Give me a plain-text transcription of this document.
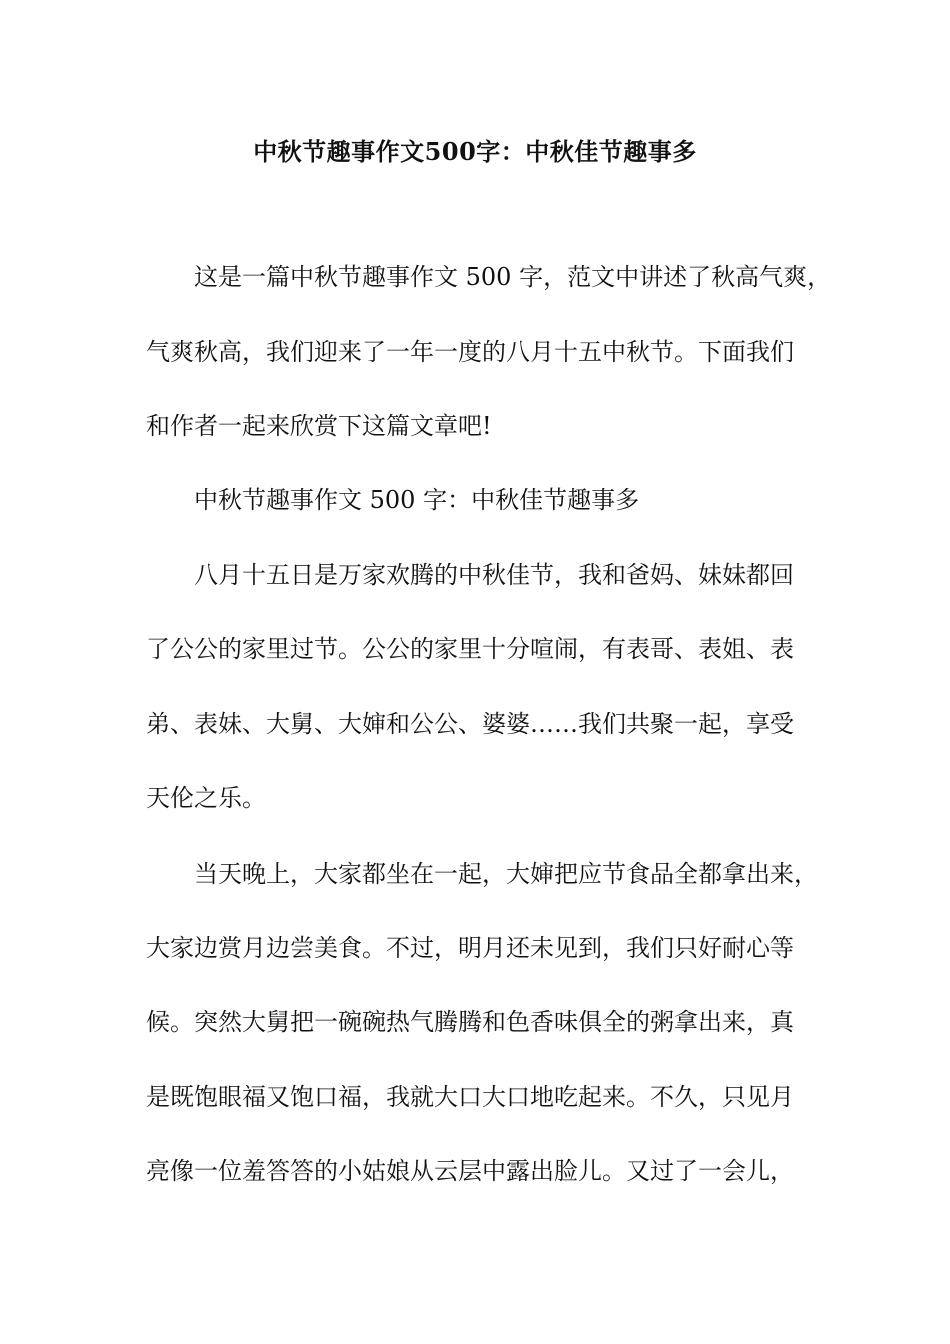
中秋节趣事作文500字：中秋佳节趣事多
这是一篇中秋节趣事作文 500 字，范文中讲述了秋高气爽，
气爽秋高，我们迎来了一年一度的八月十五中秋节。下面我们
和作者一起来欣赏下这篇文章吧!
中秋节趣事作文 500 字：中秋佳节趣事多
八月十五日是万家欢腾的中秋佳节，我和爸妈、妹妹都回
了公公的家里过节。公公的家里十分喧闹，有表哥、表姐、表
弟、表妹、大舅、大婶和公公、婆婆……我们共聚一起，享受
天伦之乐。
当天晚上，大家都坐在一起，大婶把应节食品全都拿出来，
大家边赏月边尝美食。不过，明月还未见到，我们只好耐心等
候。突然大舅把一碗碗热气腾腾和色香味俱全的粥拿出来，真
是既饱眼福又饱口福，我就大口大口地吃起来。不久，只见月
亮像一位羞答答的小姑娘从云层中露出脸儿。又过了一会儿，
